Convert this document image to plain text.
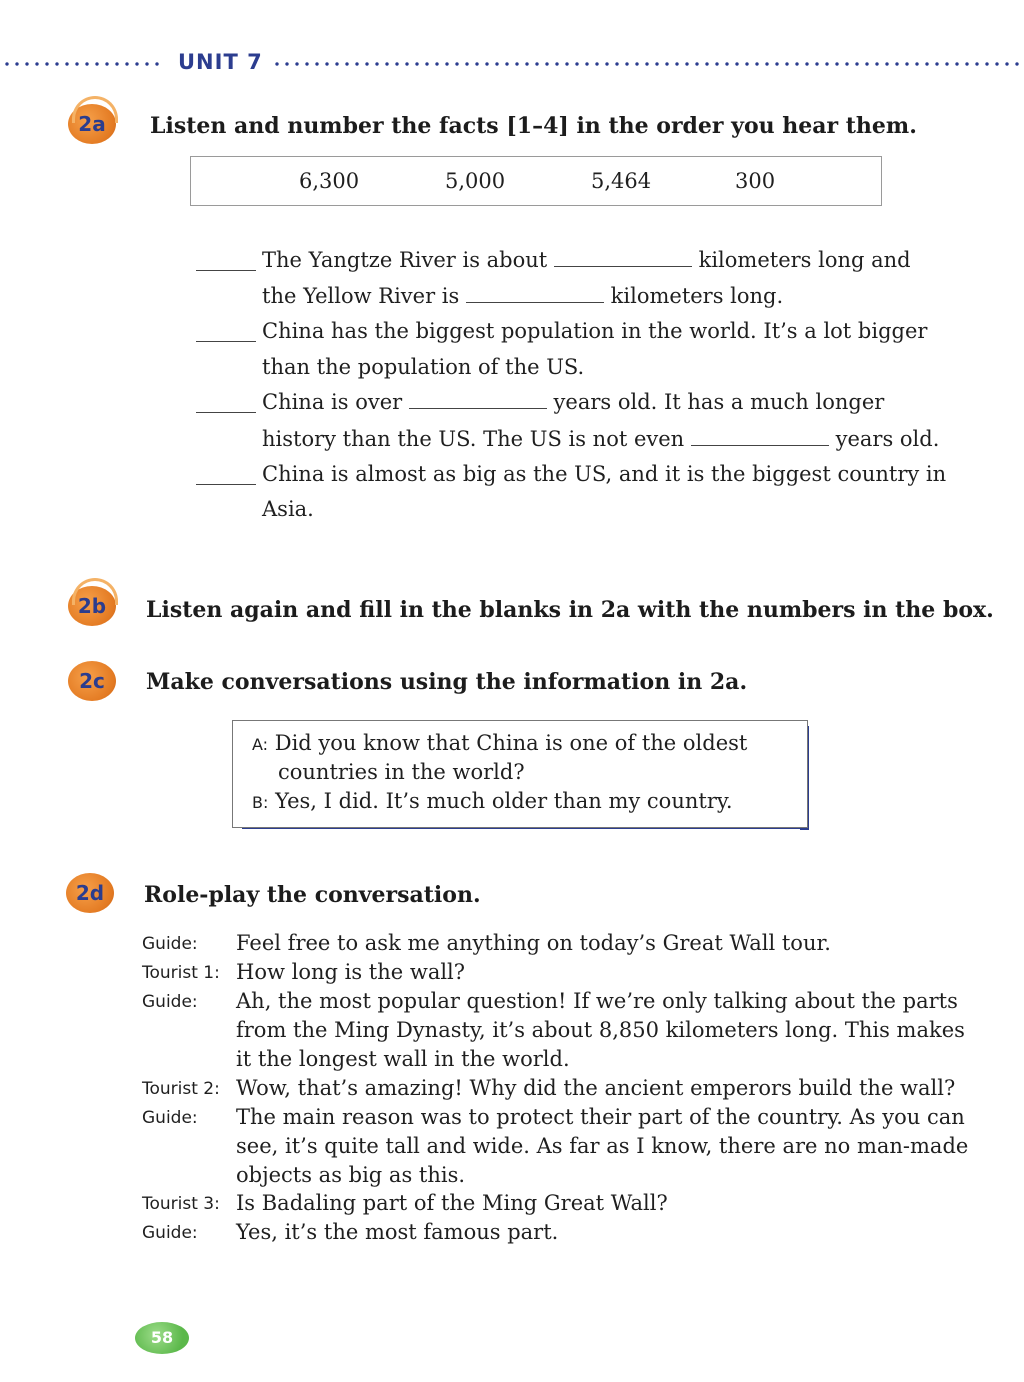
UNIT 7
2a	Listen and number the facts [1–4] in the order you hear them.
6,300	5,000	5,464	300
The Yangtze River is about	kilometers long and
the Yellow River is	kilometers long.
China has the biggest population in the world. It’s a lot bigger
than the population of the US.
China is over	years old. It has a much longer
history than the US. The US is not even	years old.
China is almost as big as the US, and it is the biggest country in
Asia.
2b	Listen again and fill in the blanks in 2a with the numbers in the box.
2c	Make conversations using the information in 2a.
A: Did you know that China is one of the oldest
countries in the world?
B: Yes, I did. It’s much older than my country.
2d	Role-play the conversation.
Guide: Feel free to ask me anything on today’s Great Wall tour.
Tourist 1: How long is the wall?
Guide: Ah, the most popular question! If we’re only talking about the parts
from the Ming Dynasty, it’s about 8,850 kilometers long. This makes
it the longest wall in the world.
Tourist 2: Wow, that’s amazing! Why did the ancient emperors build the wall?
Guide: The main reason was to protect their part of the country. As you can
see, it’s quite tall and wide. As far as I know, there are no man-made
objects as big as this.
Tourist 3: Is Badaling part of the Ming Great Wall?
Guide: Yes, it’s the most famous part.
58
